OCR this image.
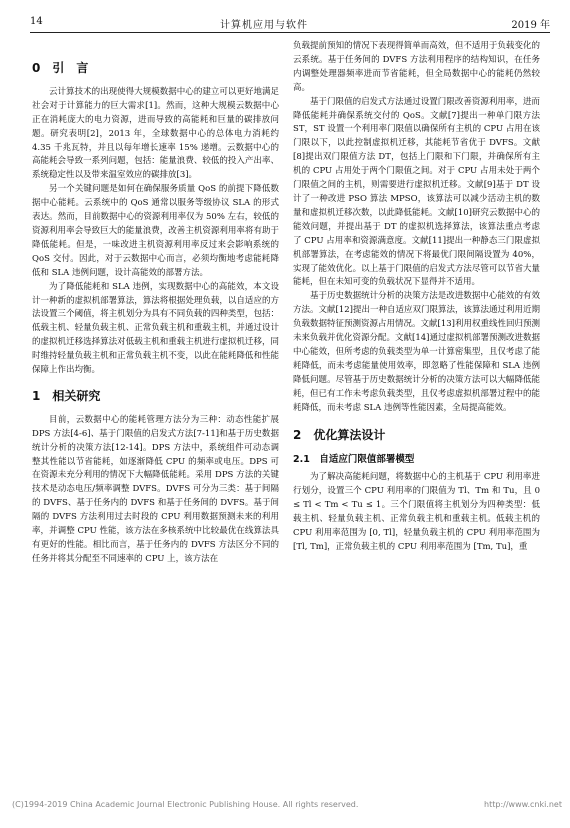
14	计算机应用与软件	2019 年

0　引　言

云计算技术的出现使得大规模数据中心的建立可以更好地满足社会对于计算能力的巨大需求[1]。然而，这种大规模云数据中心正在消耗庞大的电力资源，进而导致的高能耗和巨量的碳排放问题。研究表明[2]，2013 年，全球数据中心的总体电力消耗约 4.35 千兆瓦特，并且以每年增长速率 15% 递增。云数据中心的高能耗会导致一系列问题，包括：能量浪费、较低的投入产出率、系统稳定性以及带来温室效应的碳排放[3]。

另一个关键问题是如何在确保服务质量 QoS 的前提下降低数据中心能耗。云系统中的 QoS 通常以服务等级协议 SLA 的形式表达。然而，目前数据中心的资源利用率仅为 50% 左右，较低的资源利用率会导致巨大的能量浪费，改善主机资源利用率将有助于降低能耗。但是，一味改进主机资源利用率反过来会影响系统的 QoS 交付。因此，对于云数据中心而言，必须均衡地考虑能耗降低和 SLA 违例问题，设计高能效的部署方法。

为了降低能耗和 SLA 违例，实现数据中心的高能效，本文设计一种新的虚拟机部署算法，算法将根据处理负载，以自适应的方法设置三个阈值，将主机划分为具有不同负载的四种类型，包括：低载主机、轻量负载主机、正常负载主机和重载主机，并通过设计的虚拟机迁移选择算法对低载主机和重载主机进行虚拟机迁移，同时维持轻量负载主机和正常负载主机不变，以此在能耗降低和性能保障上作出均衡。

1　相关研究

目前，云数据中心的能耗管理方法分为三种：动态性能扩展 DPS 方法[4-6]、基于门限值的启发式方法[7-11]和基于历史数据统计分析的决策方法[12-14]。DPS 方法中，系统组件可动态调整其性能以节省能耗，如逐渐降低 CPU 的频率或电压。DPS 可在资源未充分利用的情况下大幅降低能耗。采用 DPS 方法的关键技术是动态电压/频率调整 DVFS。DVFS 可分为三类：基于间隔的 DVFS、基于任务内的 DVFS 和基于任务间的 DVFS。基于间隔的 DVFS 方法利用过去时段的 CPU 利用数据预测未来的利用率，并调整 CPU 性能，该方法在多核系统中比较最优在线算法具有更好的性能。相比而言，基于任务内的 DVFS 方法区分不同的任务并将其分配至不同速率的 CPU 上，该方法在

负载提前预知的情况下表现得简单而高效，但不适用于负载变化的云系统。基于任务间的 DVFS 方法利用程序的结构知识，在任务内调整处理器频率进而节省能耗，但全局数据中心的能耗仍然较高。

基于门限值的启发式方法通过设置门限改善资源利用率，进而降低能耗并确保系统交付的 QoS。文献[7]提出一种单门限方法 ST，ST 设置一个利用率门限值以确保所有主机的 CPU 占用在该门限以下，以此控制虚拟机迁移，其能耗节省优于 DVFS。文献[8]提出双门限值方法 DT，包括上门限和下门限，并确保所有主机的 CPU 占用处于两个门限值之间。对于 CPU 占用未处于两个门限值之间的主机，则需要进行虚拟机迁移。文献[9]基于 DT 设计了一种改进 PSO 算法 MPSO，该算法可以减少活动主机的数量和虚拟机迁移次数，以此降低能耗。文献[10]研究云数据中心的能效问题，并提出基于 DT 的虚拟机选择算法，该算法重点考虑了 CPU 占用率和资源满意度。文献[11]提出一种静态三门限虚拟机部署算法，在考虑能效的情况下将最优门限间隔设置为 40%，实现了能效优化。以上基于门限值的启发式方法尽管可以节省大量能耗，但在未知可变的负载状况下显得并不适用。

基于历史数据统计分析的决策方法是改进数据中心能效的有效方法。文献[12]提出一种自适应双门限算法，该算法通过利用近期负载数据特征预测资源占用情况。文献[13]利用权重线性回归预测未来负载并优化资源分配。文献[14]通过虚拟机部署预测改进数据中心能效，但所考虑的负载类型为单一计算密集型，且仅考虑了能耗降低，而未考虑能量使用效率，即忽略了性能保障和 SLA 违例降低问题。尽管基于历史数据统计分析的决策方法可以大幅降低能耗，但已有工作未考虑负载类型，且仅考虑虚拟机部署过程中的能耗降低，而未考虑 SLA 违例等性能因素，全局提高能效。

2　优化算法设计

2.1　自适应门限值部署模型

为了解决高能耗问题，将数据中心的主机基于 CPU 利用率进行划分，设置三个 CPU 利用率的门限值为 Tl、Tm 和 Tu，且 0 ≤ Tl < Tm < Tu ≤ 1。三个门限值将主机划分为四种类型：低载主机、轻量负载主机、正常负载主机和重载主机。低载主机的 CPU 利用率范围为 [0, Tl]，轻量负载主机的 CPU 利用率范围为 [Tl, Tm]，正常负载主机的 CPU 利用率范围为 [Tm, Tu]，重

(C)1994-2019 China Academic Journal Electronic Publishing House. All rights reserved.	http://www.cnki.net
